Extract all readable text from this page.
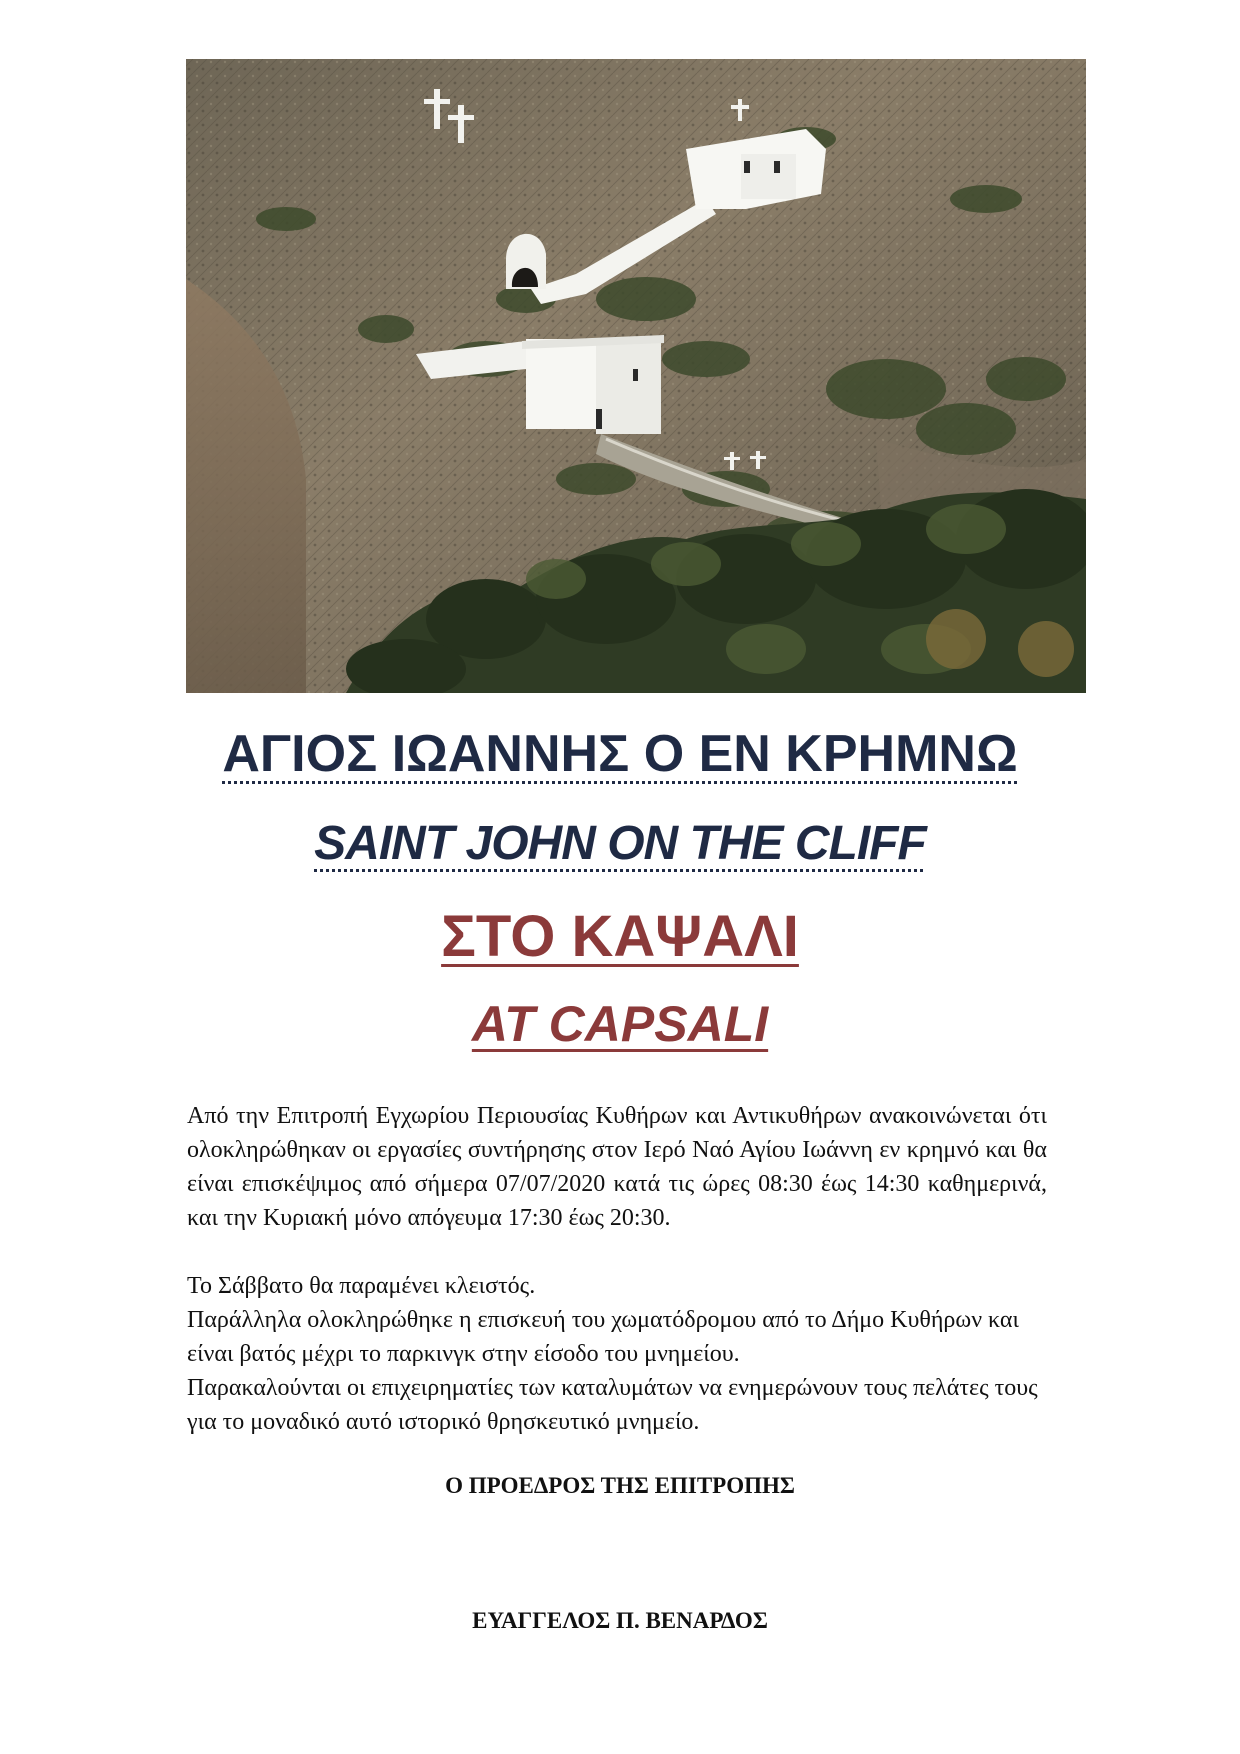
ΑΓΙΟΣ ΙΩΑΝΝΗΣ Ο ΕΝ ΚΡΗΜΝΩ
SAINT JOHN ON THE CLIFF
ΣΤΟ ΚΑΨΑΛΙ
AT CAPSALI

Από την Επιτροπή Εγχωρίου Περιουσίας Κυθήρων και Αντικυθήρων ανακοινώνεται ότι ολοκληρώθηκαν οι εργασίες συντήρησης στον Ιερό Ναό Αγίου Ιωάννη εν κρημνό και θα είναι επισκέψιμος από σήμερα 07/07/2020 κατά τις ώρες 08:30 έως 14:30 καθημερινά, και την Κυριακή μόνο απόγευμα 17:30 έως 20:30.

Το Σάββατο θα παραμένει κλειστός.

Παράλληλα ολοκληρώθηκε η επισκευή του χωματόδρομου από το Δήμο Κυθήρων και είναι βατός μέχρι το παρκινγκ στην είσοδο του μνημείου.

Παρακαλούνται οι επιχειρηματίες των καταλυμάτων να ενημερώνουν τους πελάτες τους για το μοναδικό αυτό ιστορικό θρησκευτικό μνημείο.

Ο ΠΡΟΕΔΡΟΣ ΤΗΣ ΕΠΙΤΡΟΠΗΣ
ΕΥΑΓΓΕΛΟΣ Π. ΒΕΝΑΡΔΟΣ
